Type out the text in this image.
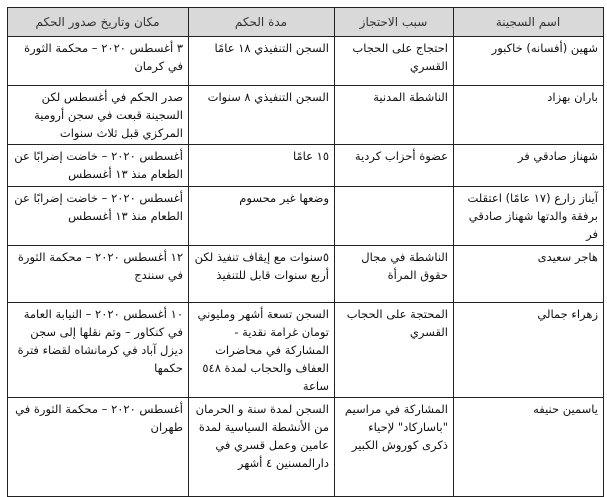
اسم السجينة	سبب الاحتجاز	مدة الحكم	مكان وتاريخ صدور الحكم
شهين (أفسانه) خاكبور	احتجاج على الحجاب القسري	السجن التنفيذي ١٨ عامًا	٣ أغسطس ٢٠٢٠ – محكمة الثورة في كرمان
باران بهزاد	الناشطة المدنية	السجن التنفيذي ٨ سنوات	صدر الحكم في أغسطس لكن السجينة قبعت في سجن أرومية المركزي قبل ثلاث سنوات
شهناز صادقي فر	عضوة أحزاب كردية	١٥ عامًا	أغسطس ٢٠٢٠ – خاضت إضرابًا عن الطعام منذ ١٣ أغسطس
آيناز زارع (١٧ عامًا) اعتقلت برفقة والدتها شهناز صادقي فر		وضعها غير محسوم	أغسطس ٢٠٢٠ – خاضت إضرابًا عن الطعام منذ ١٣ أغسطس
هاجر سعيدى	الناشطة في مجال حقوق المرأة	٥سنوات مع إيقاف تنفيذ لكن أربع سنوات قابل للتنفيذ	١٢ أغسطس ٢٠٢٠ – محكمة الثورة في سنندج
زهراء جمالي	المحتجة على الحجاب القسري	السجن تسعة أشهر ومليوني تومان غرامة نقدية - المشاركة في محاضرات العفاف والحجاب لمدة ٥٤٨ ساعة	١٠ أغسطس ٢٠٢٠ – النيابة العامة في كنكاور – وتم نقلها إلى سجن ديزل آباد في كرمانشاه لقضاء فترة حكمها
ياسمين حنيفه	المشاركة في مراسيم "باساركاد" لإحياء ذكرى كوروش الكبير	السجن لمدة سنة و الحرمان من الأنشطة السياسية لمدة عامين وعمل قسري في دارالمسنين ٤ أشهر	أغسطس ٢٠٢٠ – محكمة الثورة في طهران
